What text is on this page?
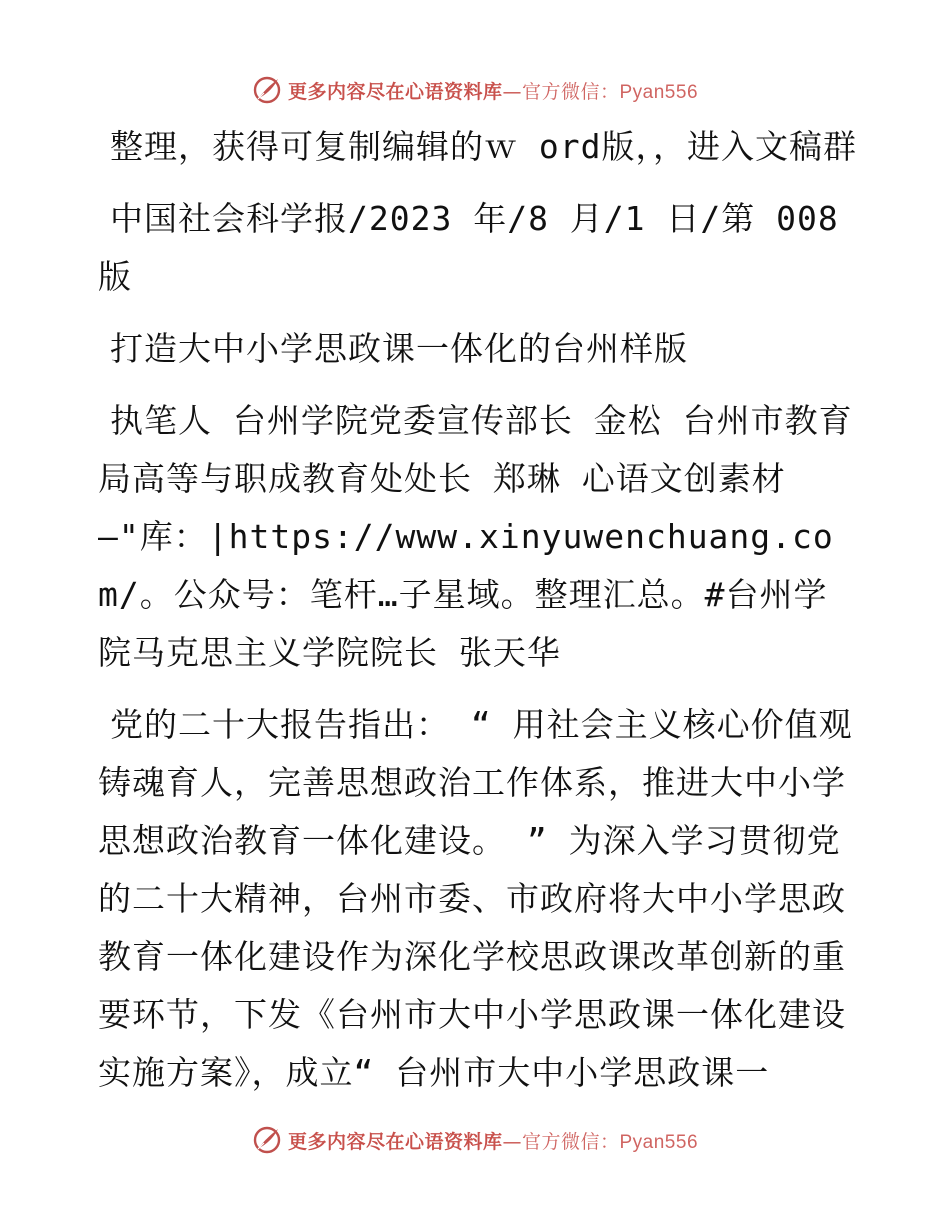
更多内容尽在心语资料库—官方微信：Pyan556

整理，获得可复制编辑的ｗ ord版，，进入文稿群

中国社会科学报/2023 年/8 月/1 日/第 008 版

打造大中小学思政课一体化的台州样版

执笔人 台州学院党委宣传部长 金松 台州市教育局高等与职成教育处处长 郑琳 心语文创素材—"库：|https://www.xinyuwenchuang.com/。公众号：笔杆…子星域。整理汇总。#台州学院马克思主义学院院长 张天华

党的二十大报告指出： “ 用社会主义核心价值观铸魂育人，完善思想政治工作体系，推进大中小学思想政治教育一体化建设。 ” 为深入学习贯彻党的二十大精神，台州市委、市政府将大中小学思政教育一体化建设作为深化学校思政课改革创新的重要环节，下发《台州市大中小学思政课一体化建设实施方案》，成立“ 台州市大中小学思政课一

更多内容尽在心语资料库—官方微信：Pyan556
